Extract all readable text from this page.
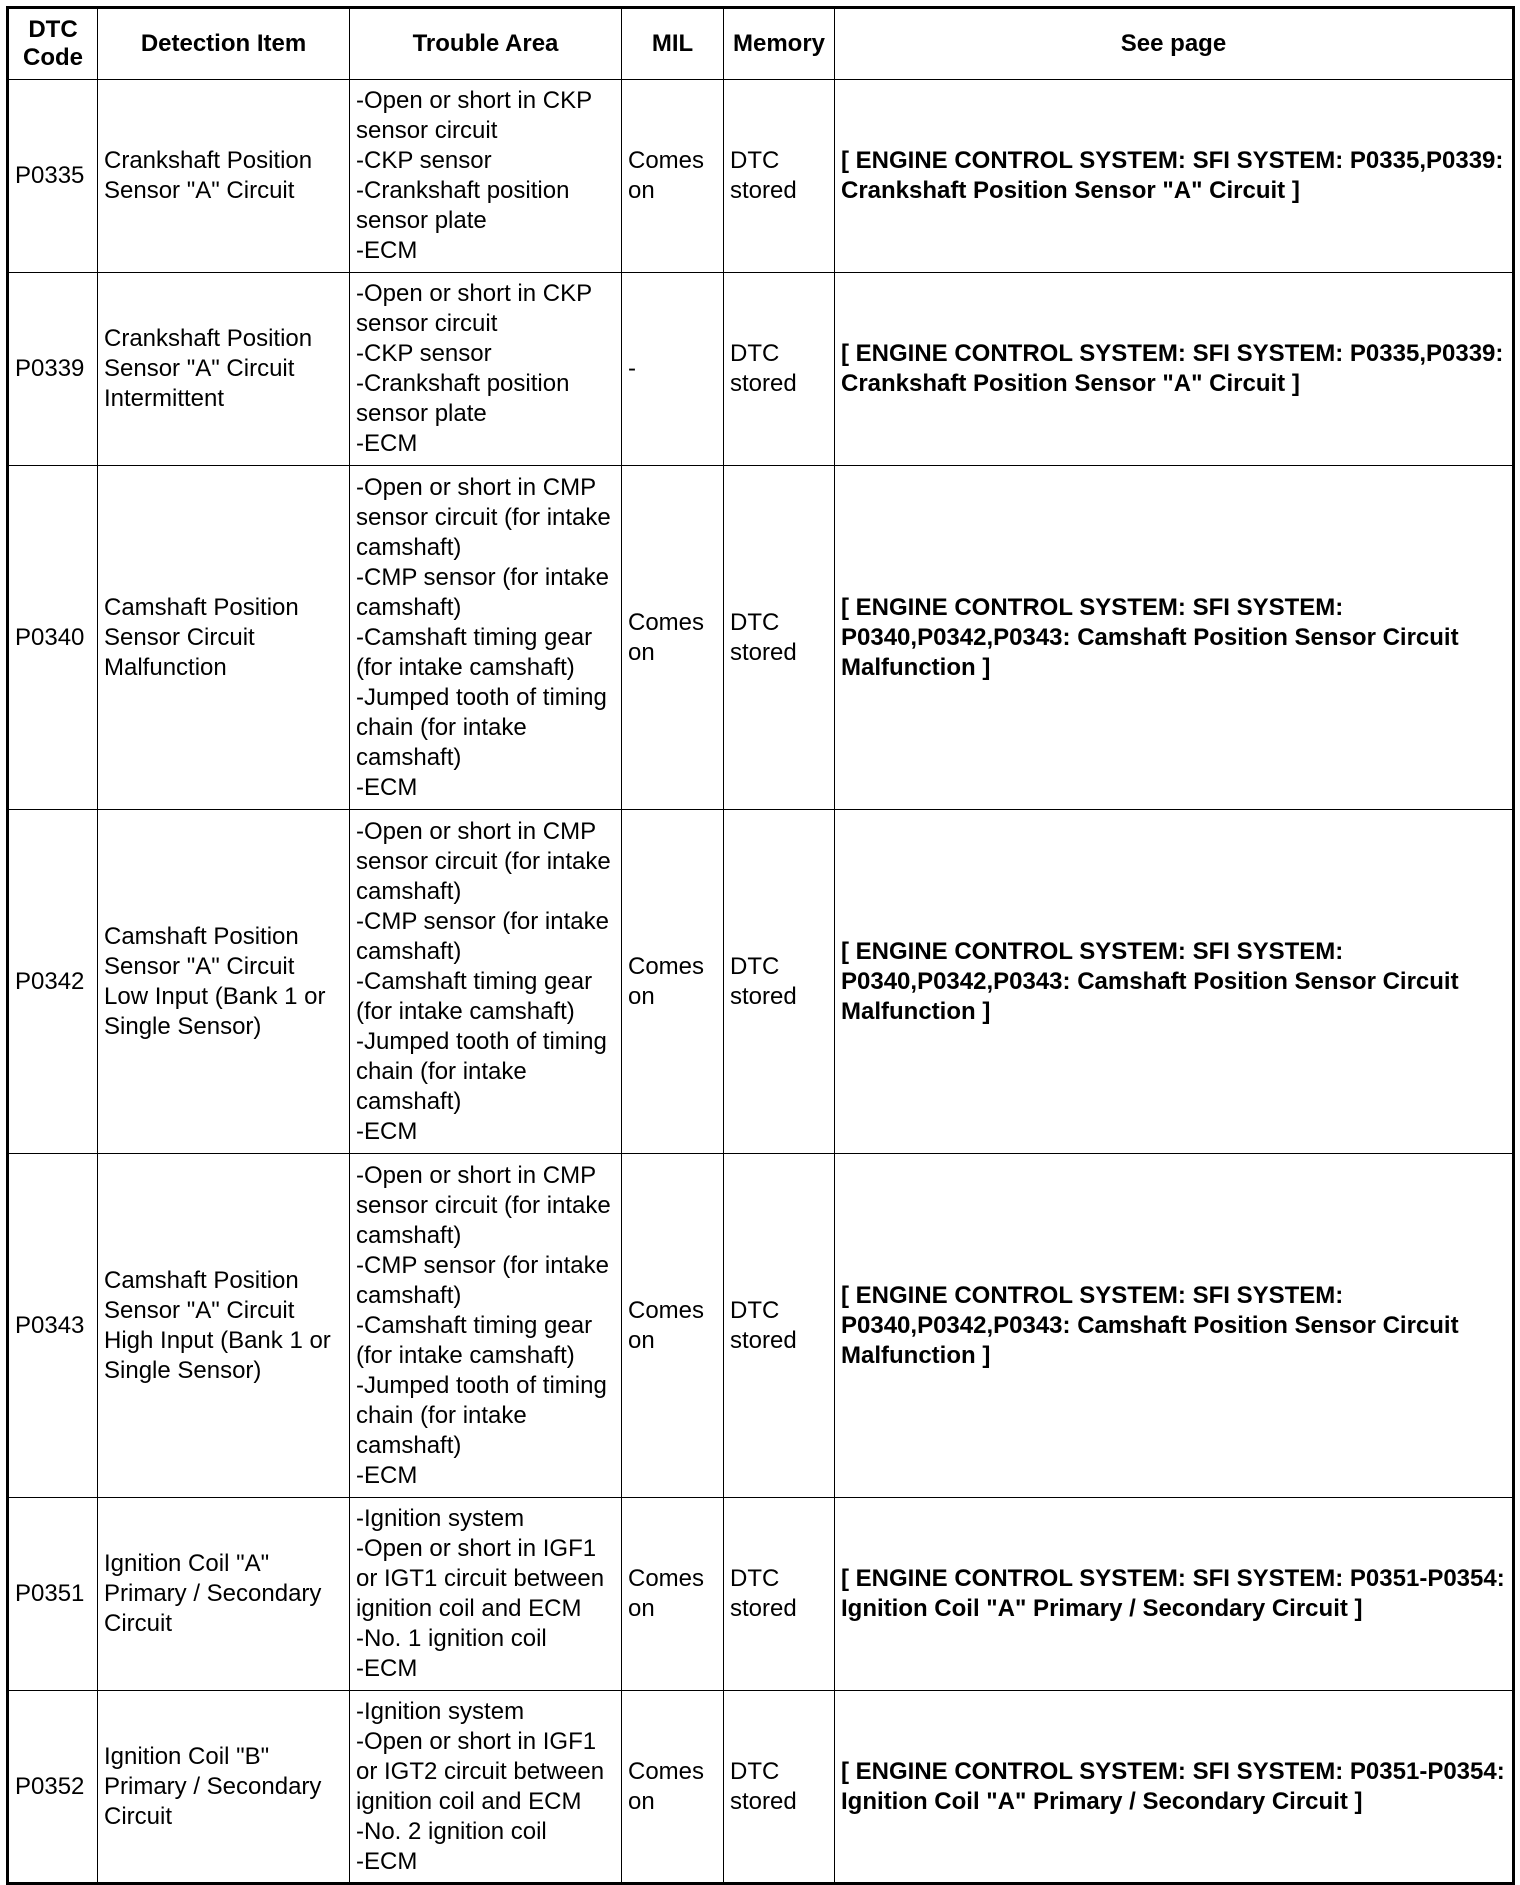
DTC Code	Detection Item	Trouble Area	MIL	Memory	See page
P0335	Crankshaft Position Sensor "A" Circuit	-Open or short in CKP sensor circuit
-CKP sensor
-Crankshaft position sensor plate
-ECM	Comes on	DTC stored	[ ENGINE CONTROL SYSTEM: SFI SYSTEM: P0335,P0339: Crankshaft Position Sensor "A" Circuit ]
P0339	Crankshaft Position Sensor "A" Circuit Intermittent	-Open or short in CKP sensor circuit
-CKP sensor
-Crankshaft position sensor plate
-ECM	-	DTC stored	[ ENGINE CONTROL SYSTEM: SFI SYSTEM: P0335,P0339: Crankshaft Position Sensor "A" Circuit ]
P0340	Camshaft Position Sensor Circuit Malfunction	-Open or short in CMP sensor circuit (for intake camshaft)
-CMP sensor (for intake camshaft)
-Camshaft timing gear (for intake camshaft)
-Jumped tooth of timing chain (for intake camshaft)
-ECM	Comes on	DTC stored	[ ENGINE CONTROL SYSTEM: SFI SYSTEM: P0340,P0342,P0343: Camshaft Position Sensor Circuit Malfunction ]
P0342	Camshaft Position Sensor "A" Circuit Low Input (Bank 1 or Single Sensor)	-Open or short in CMP sensor circuit (for intake camshaft)
-CMP sensor (for intake camshaft)
-Camshaft timing gear (for intake camshaft)
-Jumped tooth of timing chain (for intake camshaft)
-ECM	Comes on	DTC stored	[ ENGINE CONTROL SYSTEM: SFI SYSTEM: P0340,P0342,P0343: Camshaft Position Sensor Circuit Malfunction ]
P0343	Camshaft Position Sensor "A" Circuit High Input (Bank 1 or Single Sensor)	-Open or short in CMP sensor circuit (for intake camshaft)
-CMP sensor (for intake camshaft)
-Camshaft timing gear (for intake camshaft)
-Jumped tooth of timing chain (for intake camshaft)
-ECM	Comes on	DTC stored	[ ENGINE CONTROL SYSTEM: SFI SYSTEM: P0340,P0342,P0343: Camshaft Position Sensor Circuit Malfunction ]
P0351	Ignition Coil "A" Primary / Secondary Circuit	-Ignition system
-Open or short in IGF1 or IGT1 circuit between ignition coil and ECM
-No. 1 ignition coil
-ECM	Comes on	DTC stored	[ ENGINE CONTROL SYSTEM: SFI SYSTEM: P0351-P0354: Ignition Coil "A" Primary / Secondary Circuit ]
P0352	Ignition Coil "B" Primary / Secondary Circuit	-Ignition system
-Open or short in IGF1 or IGT2 circuit between ignition coil and ECM
-No. 2 ignition coil
-ECM	Comes on	DTC stored	[ ENGINE CONTROL SYSTEM: SFI SYSTEM: P0351-P0354: Ignition Coil "A" Primary / Secondary Circuit ]
